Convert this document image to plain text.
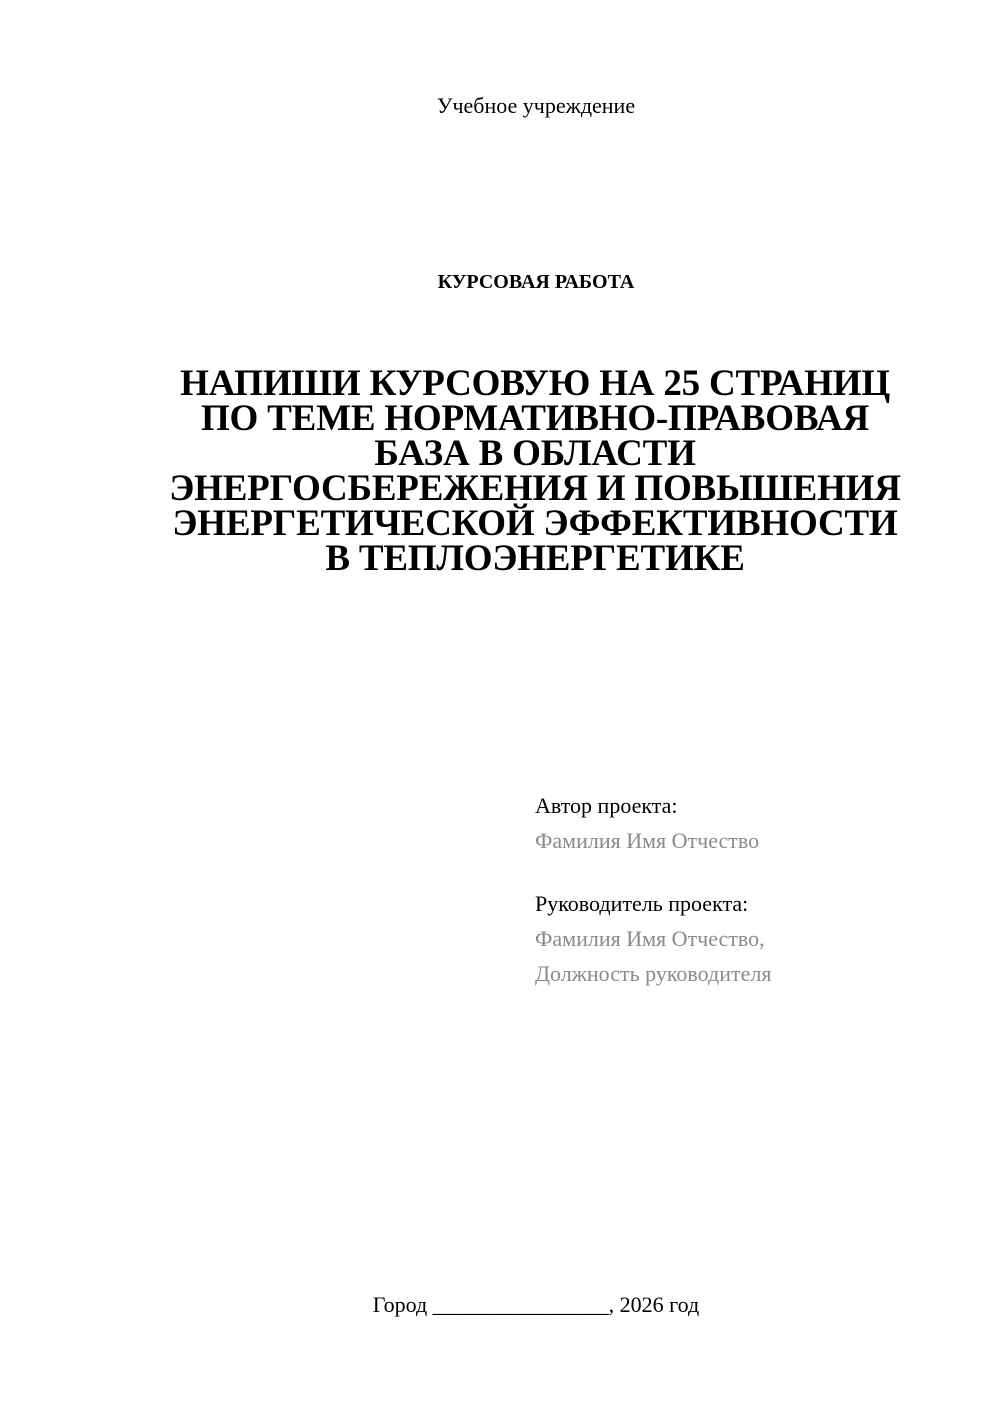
Учебное учреждение
КУРСОВАЯ РАБОТА
НАПИШИ КУРСОВУЮ НА 25 СТРАНИЦ
ПО ТЕМЕ НОРМАТИВНО-ПРАВОВАЯ
БАЗА В ОБЛАСТИ
ЭНЕРГОСБЕРЕЖЕНИЯ И ПОВЫШЕНИЯ
ЭНЕРГЕТИЧЕСКОЙ ЭФФЕКТИВНОСТИ
В ТЕПЛОЭНЕРГЕТИКЕ
Автор проекта:
Фамилия Имя Отчество
Руководитель проекта:
Фамилия Имя Отчество,
Должность руководителя
Город ________________, 2026 год
